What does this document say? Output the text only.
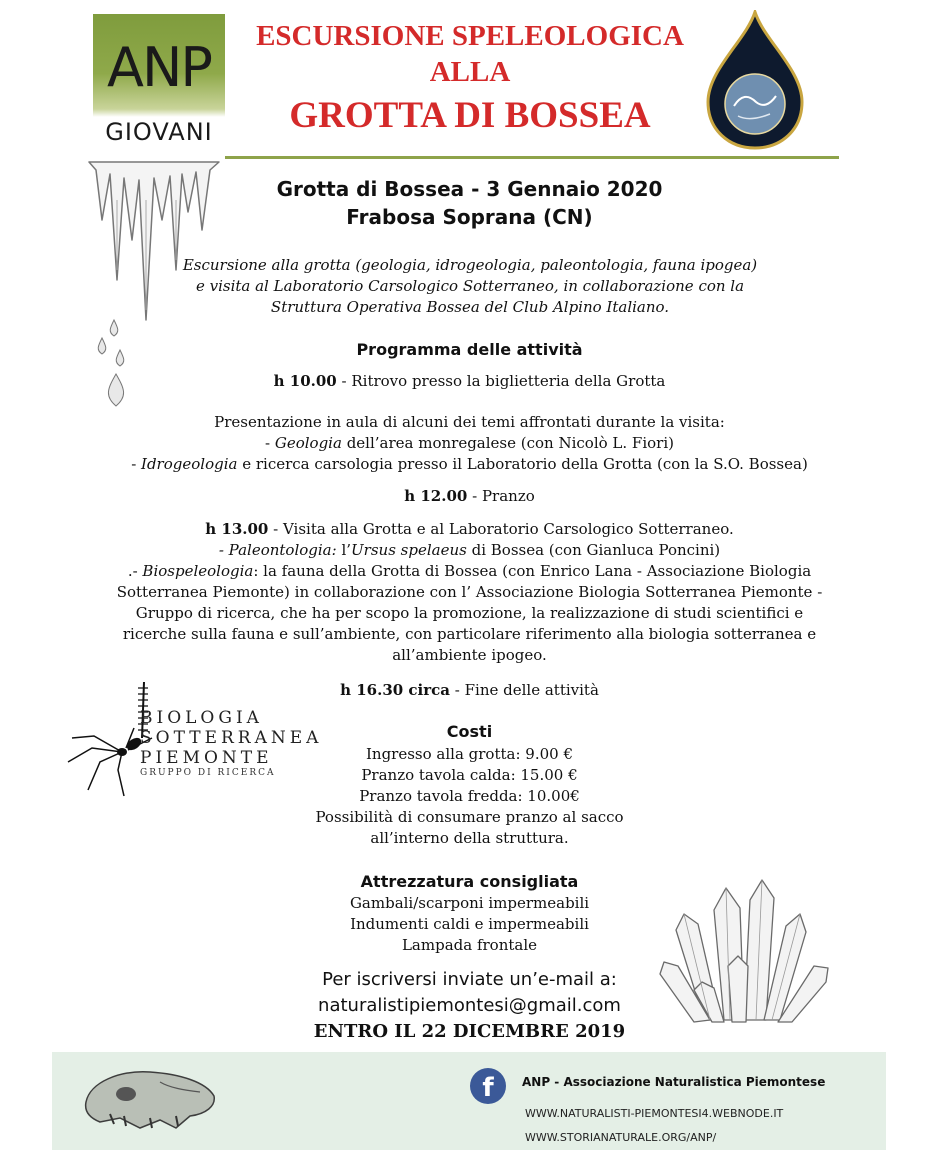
ANP
GIOVANI
ESCURSIONE SPELEOLOGICA
ALLA
GROTTA DI BOSSEA
Grotta di Bossea - 3 Gennaio 2020
Frabosa Soprana (CN)
Escursione alla grotta (geologia, idrogeologia, paleontologia, fauna ipogea)
e visita al Laboratorio Carsologico Sotterraneo, in collaborazione con la
Struttura Operativa Bossea del Club Alpino Italiano.
Programma delle attività
h 10.00 - Ritrovo presso la biglietteria della Grotta
Presentazione in aula di alcuni dei temi affrontati durante la visita:
- Geologia dell’area monregalese (con Nicolò L. Fiori)
- Idrogeologia e ricerca carsologia presso il Laboratorio della Grotta (con la S.O. Bossea)
h 12.00 - Pranzo
h 13.00 - Visita alla Grotta e al Laboratorio Carsologico Sotterraneo.
- Paleontologia: l’Ursus spelaeus di Bossea (con Gianluca Poncini)
.- Biospeleologia: la fauna della Grotta di Bossea (con Enrico Lana - Associazione Biologia
Sotterranea Piemonte) in collaborazione con l’ Associazione Biologia Sotterranea Piemonte -
Gruppo di ricerca, che ha per scopo la promozione, la realizzazione di studi scientifici e
ricerche sulla fauna e sull’ambiente, con particolare riferimento alla biologia sotterranea e
all’ambiente ipogeo.
h 16.30 circa - Fine delle attività
BIOLOGIA
SOTTERRANEA
PIEMONTE
GRUPPO DI RICERCA
Costi
Ingresso alla grotta: 9.00 €
Pranzo tavola calda: 15.00 €
Pranzo tavola fredda: 10.00€
Possibilità di consumare pranzo al sacco
all’interno della struttura.
Attrezzatura consigliata
Gambali/scarponi impermeabili
Indumenti caldi e impermeabili
Lampada frontale
Per iscriversi inviate un’e-mail a:
naturalistipiemontesi@gmail.com
ENTRO IL 22 DICEMBRE 2019
f	ANP - Associazione Naturalistica Piemontese
WWW.NATURALISTI-PIEMONTESI4.WEBNODE.IT
WWW.STORIANATURALE.ORG/ANP/
